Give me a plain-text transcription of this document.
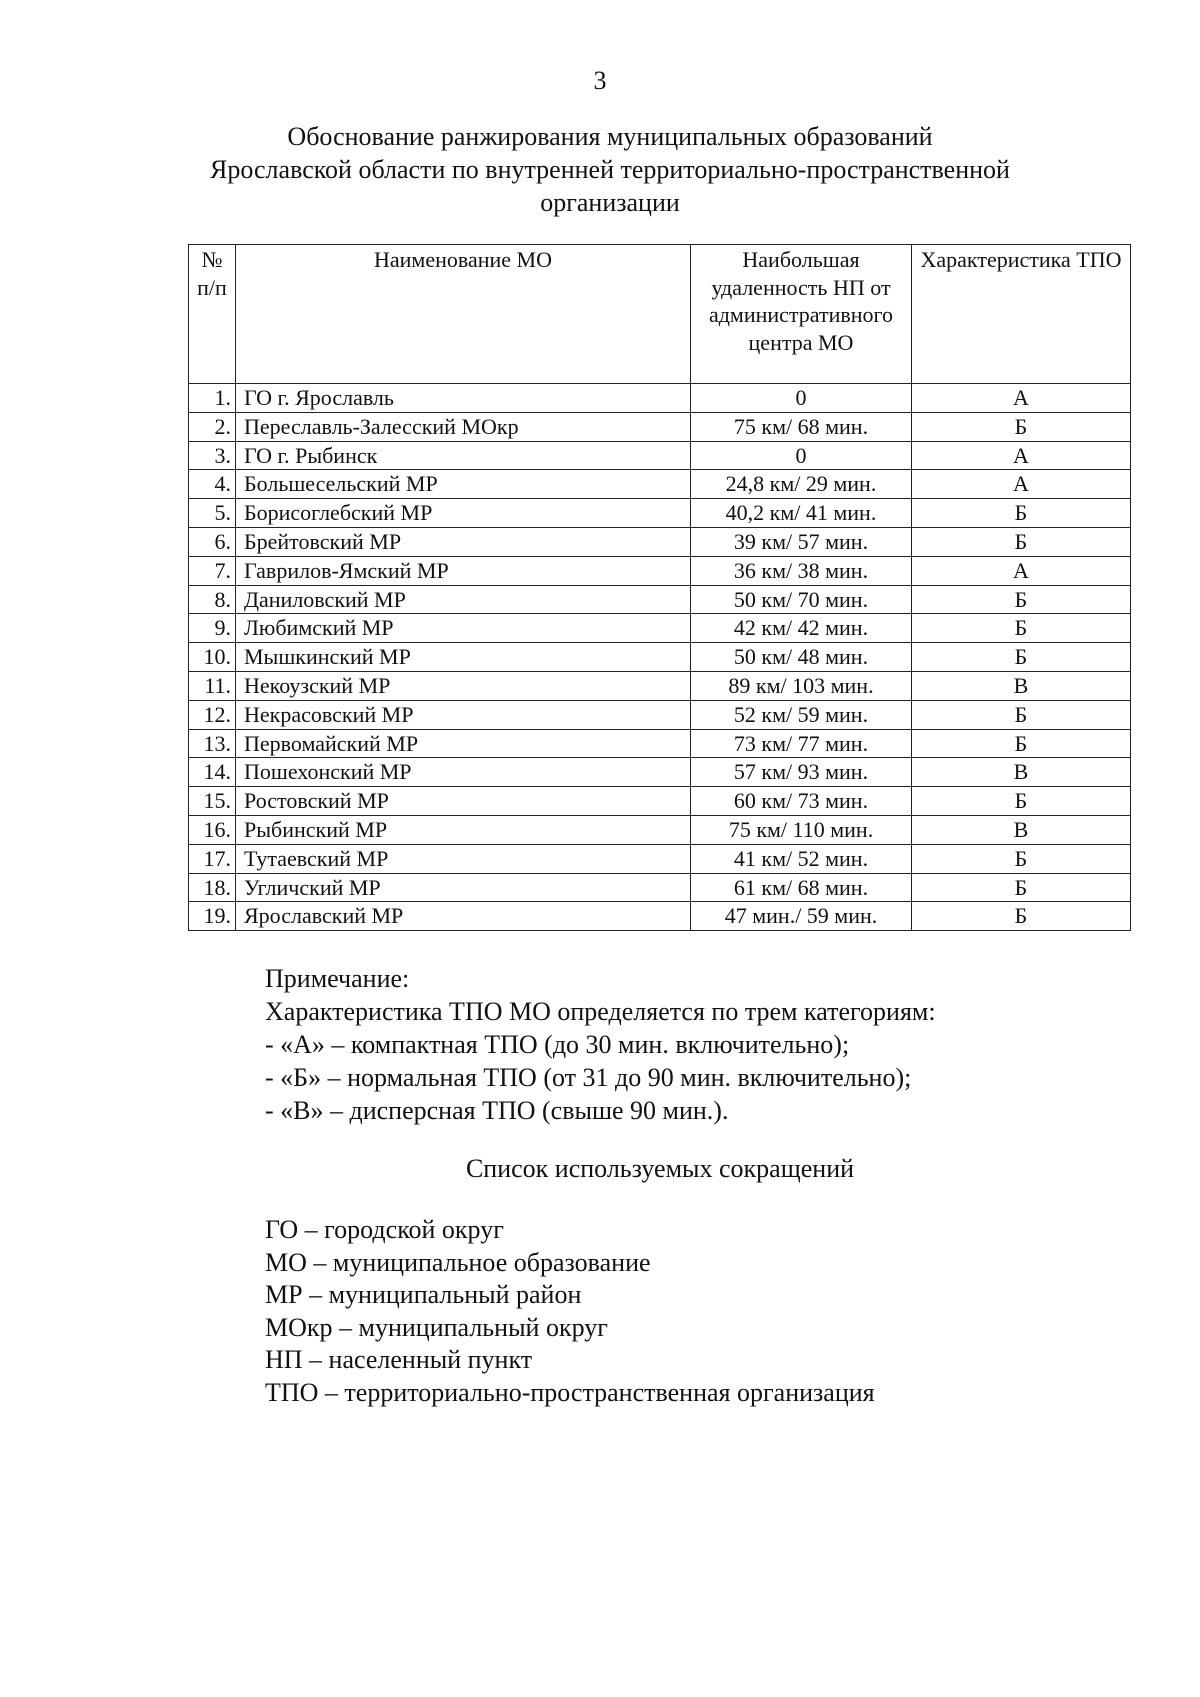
3
Обоснование ранжирования муниципальных образований
Ярославской области по внутренней территориально-пространственной
организации
№ п/п	Наименование МО	Наибольшая удаленность НП от административного центра МО	Характеристика ТПО
1.	ГО г. Ярославль	0	А
2.	Переславль-Залесский МОкр	75 км/ 68 мин.	Б
3.	ГО г. Рыбинск	0	А
4.	Большесельский МР	24,8 км/ 29 мин.	А
5.	Борисоглебский МР	40,2 км/ 41 мин.	Б
6.	Брейтовский МР	39 км/ 57 мин.	Б
7.	Гаврилов-Ямский МР	36 км/ 38 мин.	А
8.	Даниловский МР	50 км/ 70 мин.	Б
9.	Любимский МР	42 км/ 42 мин.	Б
10.	Мышкинский МР	50 км/ 48 мин.	Б
11.	Некоузский МР	89 км/ 103 мин.	В
12.	Некрасовский МР	52 км/ 59 мин.	Б
13.	Первомайский МР	73 км/ 77 мин.	Б
14.	Пошехонский МР	57 км/ 93 мин.	В
15.	Ростовский МР	60 км/ 73 мин.	Б
16.	Рыбинский МР	75 км/ 110 мин.	В
17.	Тутаевский МР	41 км/ 52 мин.	Б
18.	Угличский МР	61 км/ 68 мин.	Б
19.	Ярославский МР	47 мин./ 59 мин.	Б
Примечание:
Характеристика ТПО МО определяется по трем категориям:
- «А» – компактная ТПО (до 30 мин. включительно);
- «Б» – нормальная ТПО (от 31 до 90 мин. включительно);
- «В» – дисперсная ТПО (свыше 90 мин.).
Список используемых сокращений
ГО – городской округ
МО – муниципальное образование
МР – муниципальный район
МОкр – муниципальный округ
НП – населенный пункт
ТПО – территориально-пространственная организация
